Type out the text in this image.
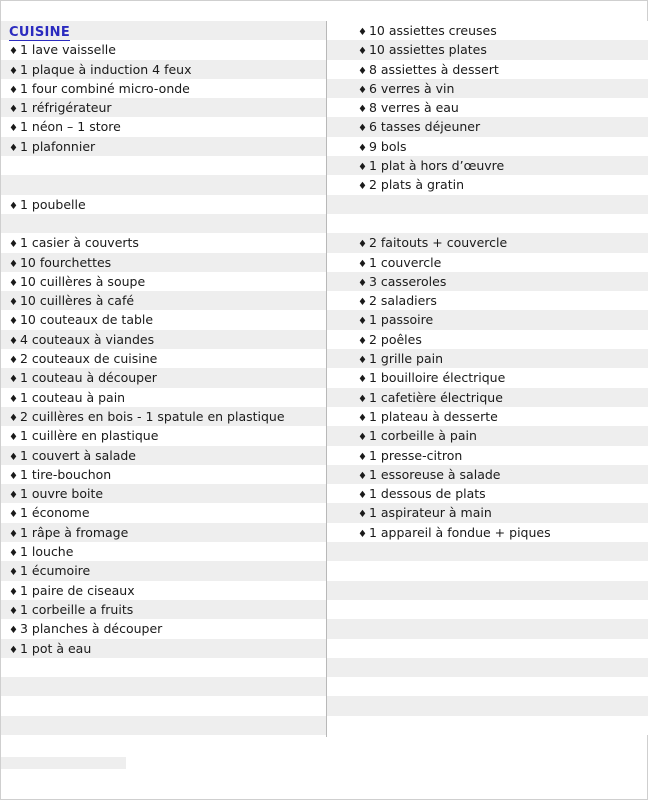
CUISINE
♦ 1 lave vaisselle
♦ 1 plaque à induction 4 feux
♦ 1 four combiné micro-onde
♦ 1 réfrigérateur
♦ 1 néon – 1 store
♦ 1 plafonnier
♦ 1 poubelle
♦ 1 casier à couverts
♦ 10 fourchettes
♦ 10 cuillères à soupe
♦ 10 cuillères à café
♦ 10 couteaux de table
♦ 4 couteaux à viandes
♦ 2 couteaux de cuisine
♦ 1 couteau à découper
♦ 1 couteau à pain
♦ 2 cuillères en bois - 1 spatule en plastique
♦ 1 cuillère en plastique
♦ 1 couvert à salade
♦ 1 tire-bouchon
♦ 1 ouvre boite
♦ 1 économe
♦ 1 râpe à fromage
♦ 1 louche
♦ 1 écumoire
♦ 1 paire de ciseaux
♦ 1 corbeille a fruits
♦ 3 planches à découper
♦ 1 pot à eau
♦ 10 assiettes creuses
♦ 10 assiettes plates
♦ 8 assiettes à dessert
♦ 6 verres à vin
♦ 8 verres à eau
♦ 6 tasses déjeuner
♦ 9 bols
♦ 1 plat à hors d’œuvre
♦ 2 plats à gratin
♦ 2 faitouts + couvercle
♦ 1 couvercle
♦ 3 casseroles
♦ 2 saladiers
♦ 1 passoire
♦ 2 poêles
♦ 1 grille pain
♦ 1 bouilloire électrique
♦ 1 cafetière électrique
♦ 1 plateau à desserte
♦ 1 corbeille à pain
♦ 1 presse-citron
♦ 1 essoreuse à salade
♦ 1 dessous de plats
♦ 1 aspirateur à main
♦ 1 appareil à fondue + piques
